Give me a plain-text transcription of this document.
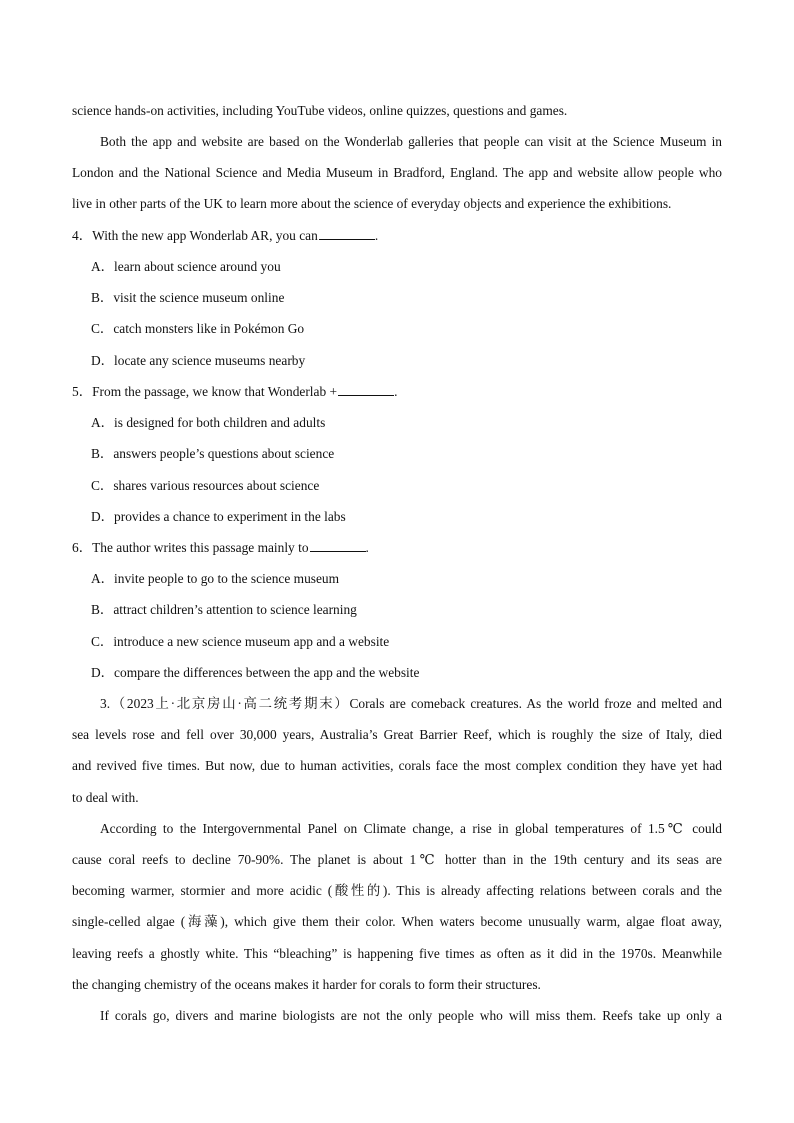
science hands-on activities, including YouTube videos, online quizzes, questions and games.
Both the app and website are based on the Wonderlab galleries that people can visit at the Science Museum in
London and the National Science and Media Museum in Bradford, England. The app and website allow people who
live in other parts of the UK to learn more about the science of everyday objects and experience the exhibitions.
4．With the new app Wonderlab AR, you can	.
A．learn about science around you
B．visit the science museum online
C．catch monsters like in Pokémon Go
D．locate any science museums nearby
5．From the passage, we know that Wonderlab +	.
A．is designed for both children and adults
B．answers people’s questions about science
C．shares various resources about science
D．provides a chance to experiment in the labs
6．The author writes this passage mainly to	.
A．invite people to go to the science museum
B．attract children’s attention to science learning
C．introduce a new science museum app and a website
D．compare the differences between the app and the website
3.（2023上·北京房山·高二统考期末）Corals are comeback creatures. As the world froze and melted and
sea levels rose and fell over 30,000 years, Australia’s Great Barrier Reef, which is roughly the size of Italy, died
and revived five times. But now, due to human activities, corals face the most complex condition they have yet had
to deal with.
According to the Intergovernmental Panel on Climate change, a rise in global temperatures of 1.5℃ could
cause coral reefs to decline 70-90%. The planet is about 1℃ hotter than in the 19th century and its seas are
becoming warmer, stormier and more acidic (酸性的). This is already affecting relations between corals and the
single-celled algae (海藻), which give them their color. When waters become unusually warm, algae float away,
leaving reefs a ghostly white. This “bleaching” is happening five times as often as it did in the 1970s. Meanwhile
the changing chemistry of the oceans makes it harder for corals to form their structures.
If corals go, divers and marine biologists are not the only people who will miss them. Reefs take up only a
